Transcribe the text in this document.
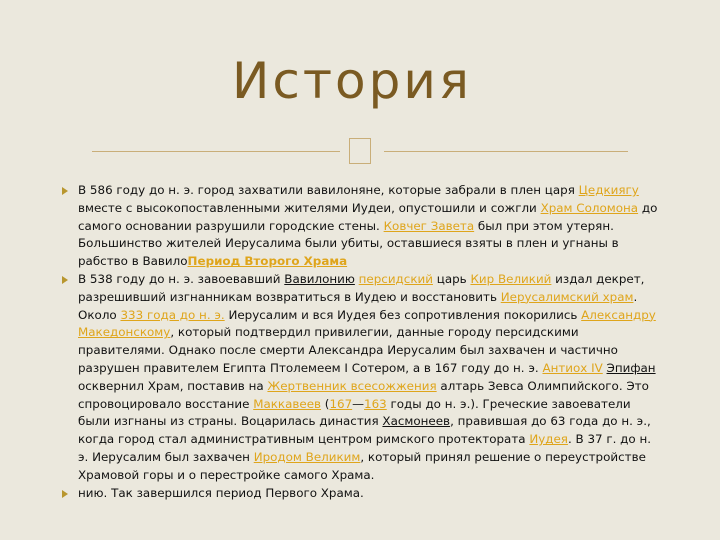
История

В 586 году до н. э. город захватили вавилоняне, которые забрали в плен царя Цедкиягу вместе с высокопоставленными жителями Иудеи, опустошили и сожгли Храм Соломона до самого основании разрушили городские стены. Ковчег Завета был при этом утерян. Большинство жителей Иерусалима были убиты, оставшиеся взяты в плен и угнаны в рабство в ВавилоПериод Второго Храма

В 538 году до н. э. завоевавший Вавилонию персидский царь Кир Великий издал декрет, разрешивший изгнанникам возвратиться в Иудею и восстановить Иерусалимский храм. Около 333 года до н. э. Иерусалим и вся Иудея без сопротивления покорились Александру Македонскому, который подтвердил привилегии, данные городу персидскими правителями. Однако после смерти Александра Иерусалим был захвачен и частично разрушен правителем Египта Птолемеем I Сотером, а в 167 году до н. э. Антиох IV Эпифан осквернил Храм, поставив на Жертвенник всесожжения алтарь Зевса Олимпийского. Это спровоцировало восстание Маккавеев (167—163 годы до н. э.). Греческие завоеватели были изгнаны из страны. Воцарилась династия Хасмонеев, правившая до 63 года до н. э., когда город стал административным центром римского протектората Иудея. В 37 г. до н. э. Иерусалим был захвачен Иродом Великим, который принял решение о переустройстве Храмовой горы и о перестройке самого Храма.

нию. Так завершился период Первого Храма.
